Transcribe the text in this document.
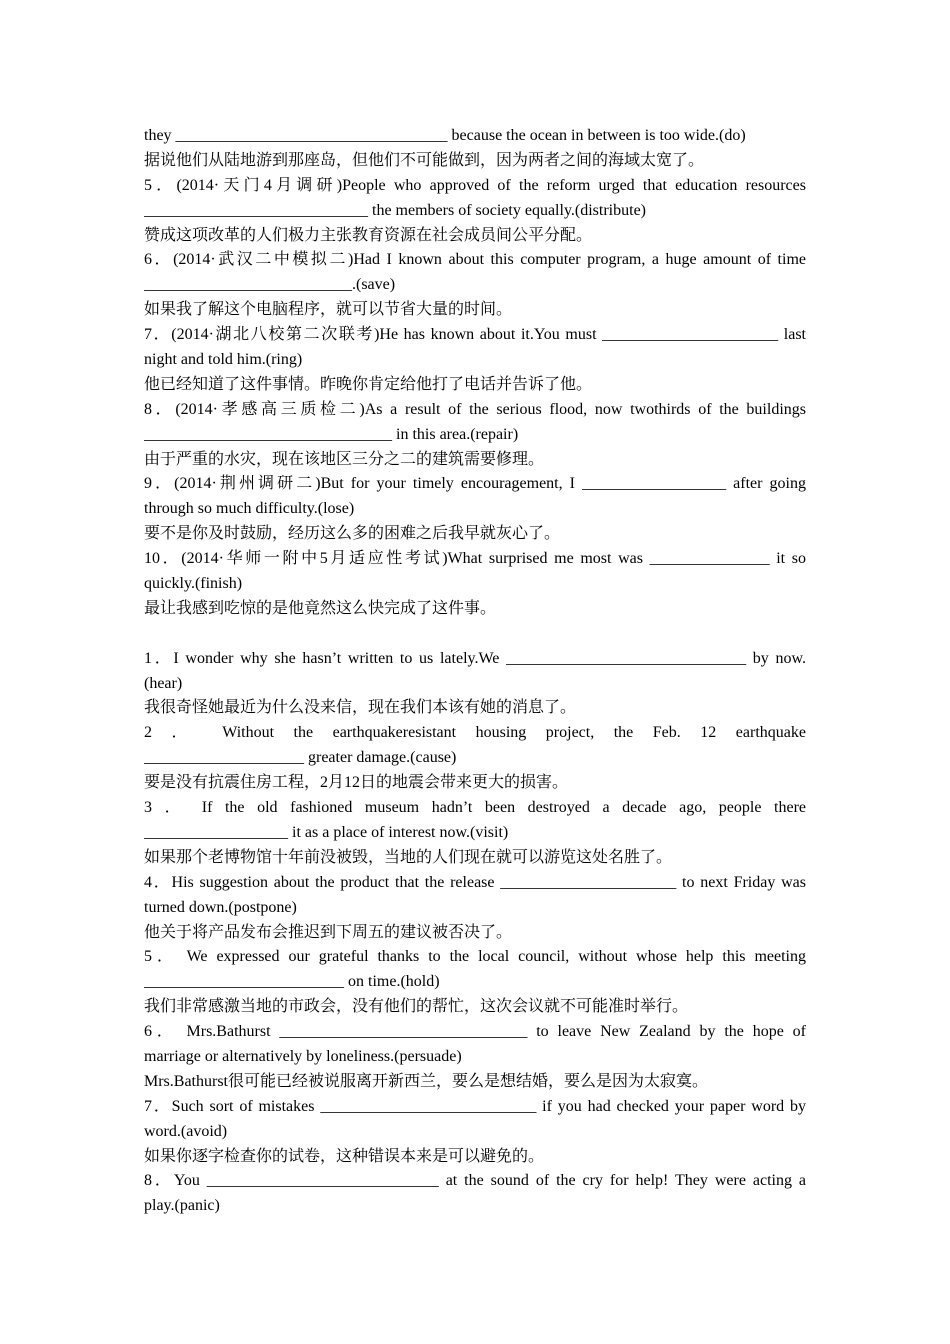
they __________________________________ because the ocean in between is too wide.(do)
据说他们从陆地游到那座岛，但他们不可能做到，因为两者之间的海域太宽了。
5．(2014·天门4月调研)People who approved of the reform urged that education resources
____________________________ the members of society equally.(distribute)
赞成这项改革的人们极力主张教育资源在社会成员间公平分配。
6．(2014·武汉二中模拟二)Had I known about this computer program, a huge amount of time
__________________________.(save)
如果我了解这个电脑程序，就可以节省大量的时间。
7．(2014·湖北八校第二次联考)He has known about it.You must ______________________ last
night and told him.(ring)
他已经知道了这件事情。昨晚你肯定给他打了电话并告诉了他。
8．(2014·孝感高三质检二)As a result of the serious flood, now twothirds of the buildings
_______________________________ in this area.(repair)
由于严重的水灾，现在该地区三分之二的建筑需要修理。
9．(2014·荆州调研二)But for your timely encouragement, I __________________ after going
through so much difficulty.(lose)
要不是你及时鼓励，经历这么多的困难之后我早就灰心了。
10．(2014·华师一附中5月适应性考试)What surprised me most was _______________ it so
quickly.(finish)
最让我感到吃惊的是他竟然这么快完成了这件事。
1．I wonder why she hasn’t written to us lately.We ______________________________ by now.
(hear)
我很奇怪她最近为什么没来信，现在我们本该有她的消息了。
2 ． Without the earthquakeresistant housing project, the Feb. 12 earthquake
____________________ greater damage.(cause)
要是没有抗震住房工程，2月12日的地震会带来更大的损害。
3 ． If the old fashioned museum hadn’t been destroyed a decade ago, people there
__________________ it as a place of interest now.(visit)
如果那个老博物馆十年前没被毁，当地的人们现在就可以游览这处名胜了。
4．His suggestion about the product that the release ______________________ to next Friday was
turned down.(postpone)
他关于将产品发布会推迟到下周五的建议被否决了。
5． We expressed our grateful thanks to the local council, without whose help this meeting
_________________________ on time.(hold)
我们非常感激当地的市政会，没有他们的帮忙，这次会议就不可能准时举行。
6． Mrs.Bathurst _______________________________ to leave New Zealand by the hope of
marriage or alternatively by loneliness.(persuade)
Mrs.Bathurst很可能已经被说服离开新西兰，要么是想结婚，要么是因为太寂寞。
7．Such sort of mistakes ___________________________ if you had checked your paper word by
word.(avoid)
如果你逐字检查你的试卷，这种错误本来是可以避免的。
8．You _____________________________ at the sound of the cry for help! They were acting a
play.(panic)
